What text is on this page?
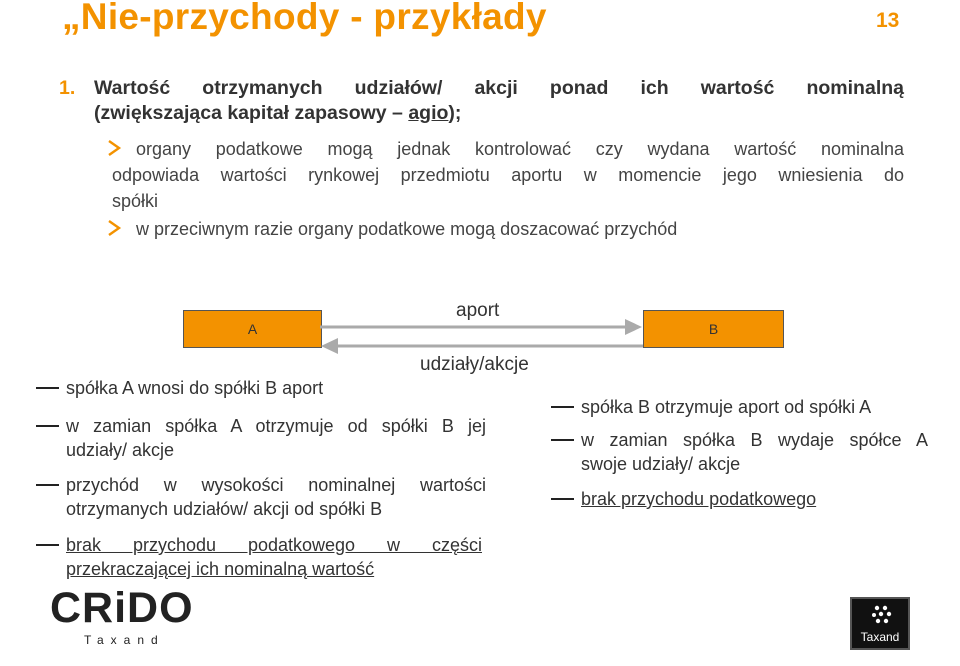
„Nie-przychody - przykłady	13
1. Wartość otrzymanych udziałów/ akcji ponad ich wartość nominalną
(zwiększająca kapitał zapasowy – agio);
organy podatkowe mogą jednak kontrolować czy wydana wartość nominalna
odpowiada wartości rynkowej przedmiotu aportu w momencie jego wniesienia do
spółki
w przeciwnym razie organy podatkowe mogą doszacować przychód
A	B
aport
udziały/akcje
spółka A wnosi do spółki B aport
w zamian spółka A otrzymuje od spółki B jej
udziały/ akcje
przychód w wysokości nominalnej wartości
otrzymanych udziałów/ akcji od spółki B
brak przychodu podatkowego w części
przekraczającej ich nominalną wartość
spółka B otrzymuje aport od spółki A
w zamian spółka B wydaje spółce A
swoje udziały/ akcje
brak przychodu podatkowego
CRiDO
Taxand	Taxand
